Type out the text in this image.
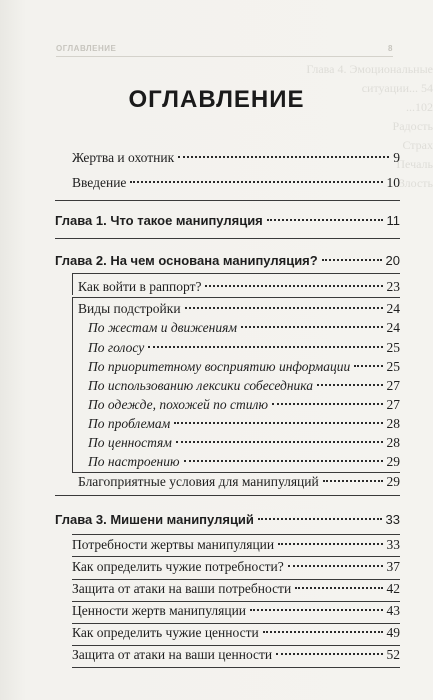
Глава 4. Эмоциональные ситуации... 54
...102
Радость
Страх
Печаль
Злость
ОГЛАВЛЕНИЕ	8
ОГЛАВЛЕНИЕ
Жертва и охотник	9
Введение	10
Глава 1. Что такое манипуляция	11
Глава 2. На чем основана манипуляция?	20
Как войти в раппорт?	23
Виды подстройки	24
По жестам и движениям	24
По голосу	25
По приоритетному восприятию информации	25
По использованию лексики собеседника	27
По одежде, похожей по стилю	27
По проблемам	28
По ценностям	28
По настроению	29
Благоприятные условия для манипуляций	29
Глава 3. Мишени манипуляций	33
Потребности жертвы манипуляции	33
Как определить чужие потребности?	37
Защита от атаки на ваши потребности	42
Ценности жертв манипуляции	43
Как определить чужие ценности	49
Защита от атаки на ваши ценности	52
